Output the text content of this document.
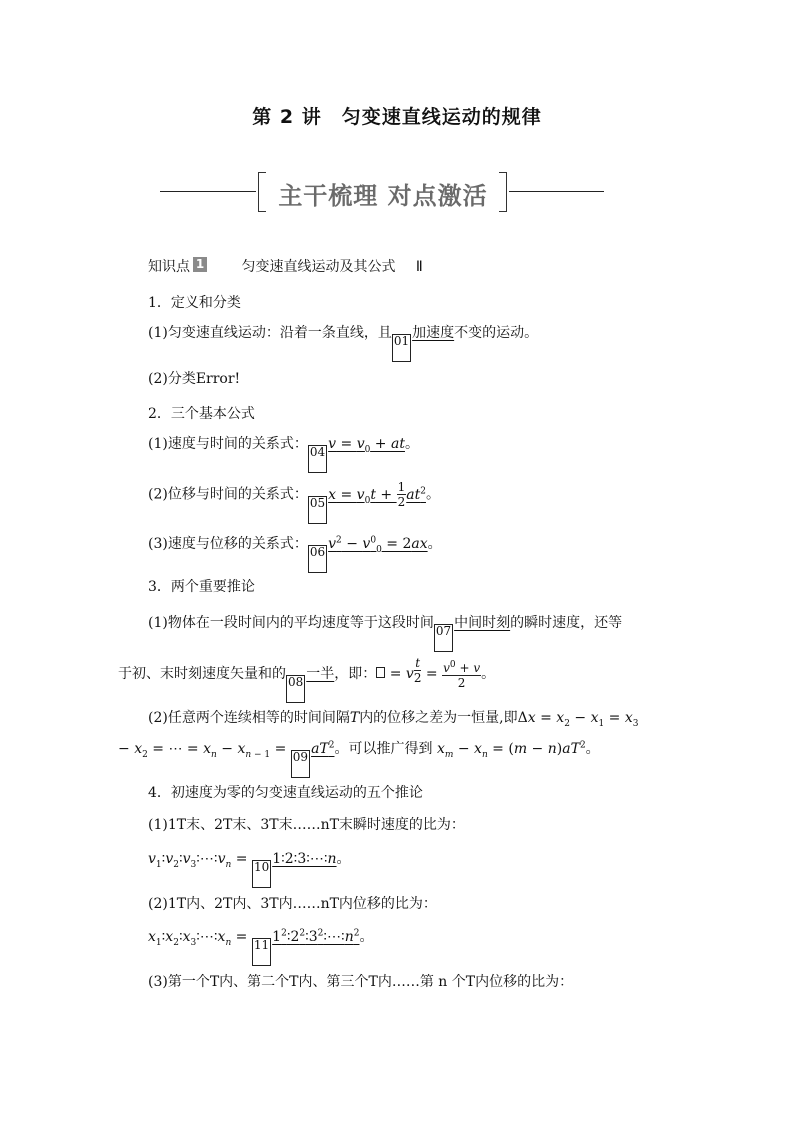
第 2 讲　匀变速直线运动的规律
主干梳理 对点激活
知识点 1	匀变速直线运动及其公式 Ⅱ
1．定义和分类
(1)匀变速直线运动：沿着一条直线，且 01 加速度不变的运动。
(2)分类Error!
2．三个基本公式
(1)速度与时间的关系式： 04 $v = v_0$ + at。
(2)位移与时间的关系式： 05 $x = v_0t + \frac{1}{2} at^2$。
(3)速度与位移的关系式： 06 $v^2 - v^0_0 = 2ax$。
3．两个重要推论
(1)物体在一段时间内的平均速度等于这段时间 07 中间时刻的瞬时速度，还等
于初、末时刻速度矢量和的 08 一半，即： = v $\frac{t}{2} = \frac{v^0 + v}{2}$ 。
(2)任意两个连续相等的时间间隔T内的位移之差为一恒量,即$\Delta x = x_2 - x_1 = x_3$
− $x_2$ = ⋯ = $x_n - x_{n - 1} = 09$ $aT^2$。可以推广得到 $x_m - x_n = (m - n)aT^2$。
4．初速度为零的匀变速直线运动的五个推论
(1)1T末、2T末、3T末……nT末瞬时速度的比为：
$v_1∶v_2∶v_3∶\cdots∶v_n = 10$ 1∶2∶3∶⋯∶n。
(2)1T内、2T内、3T内……nT内位移的比为：
$x_1∶x_2∶x_3∶\cdots∶x_n = 11$ $1^2∶2^2∶3^2∶\cdots∶n^2$。
(3)第一个T内、第二个T内、第三个T内……第 n 个T内位移的比为：
